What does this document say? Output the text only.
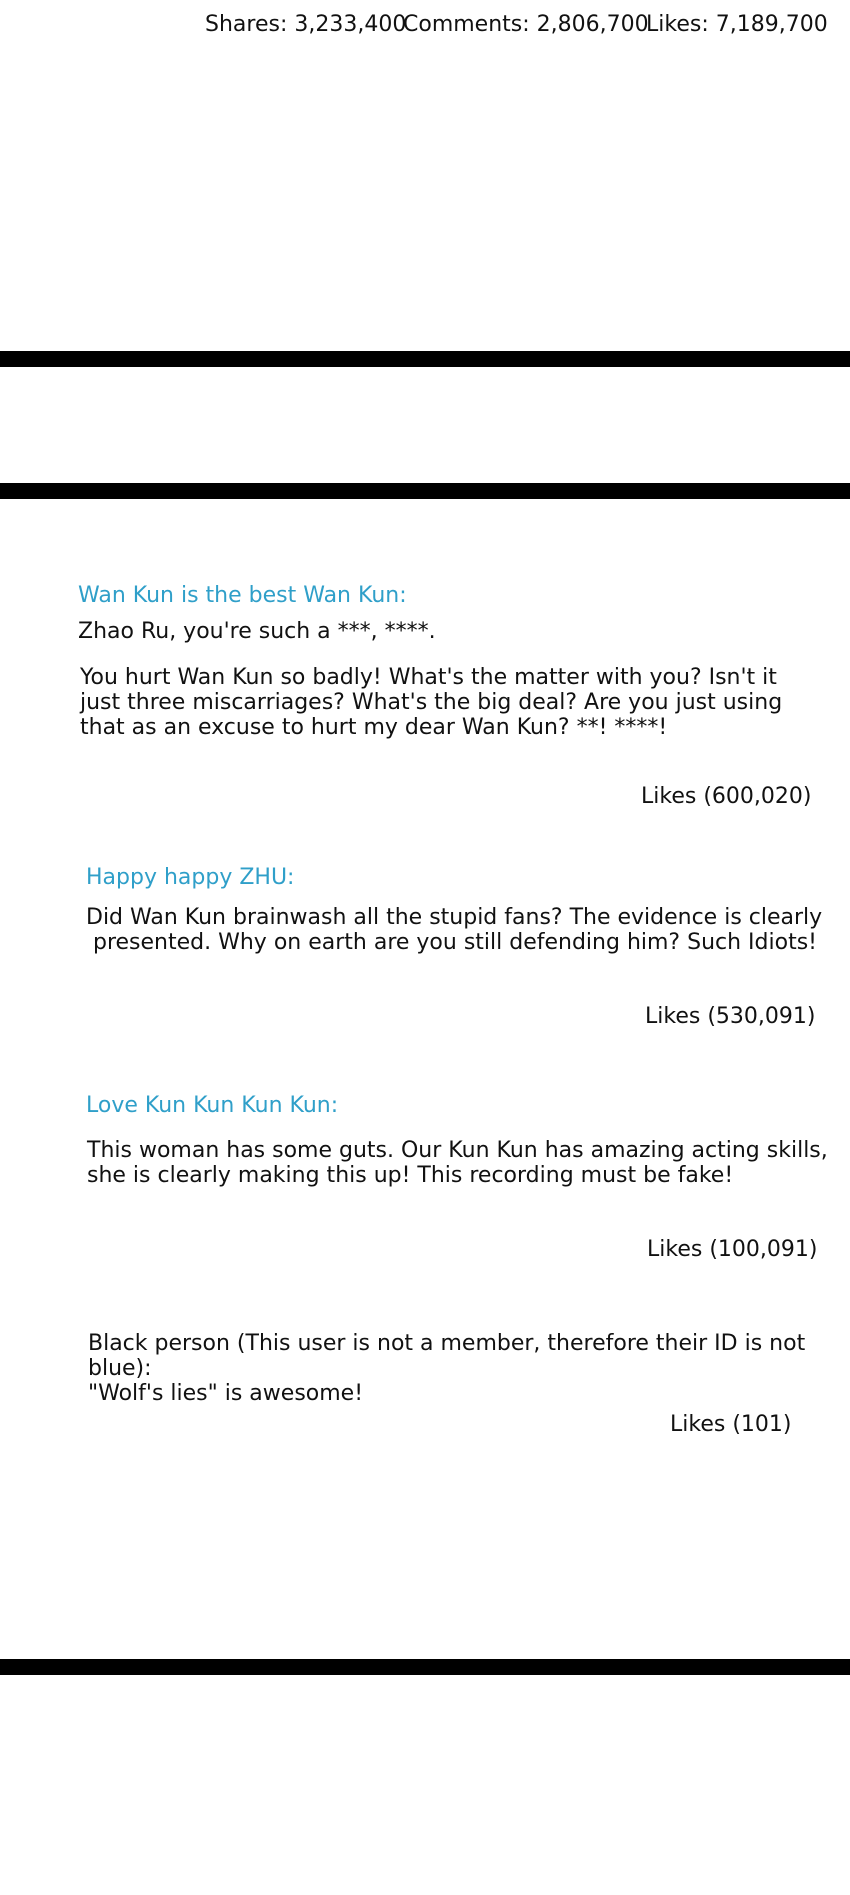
Shares: 3,233,400
Comments: 2,806,700
Likes: 7,189,700
Wan Kun is the best Wan Kun:
Zhao Ru, you're such a ***, ****.
You hurt Wan Kun so badly! What's the matter with you? Isn't it
just three miscarriages? What's the big deal? Are you just using
that as an excuse to hurt my dear Wan Kun? **! ****!
Likes (600,020)
Happy happy ZHU:
Did Wan Kun brainwash all the stupid fans? The evidence is clearly
presented. Why on earth are you still defending him? Such Idiots!
Likes (530,091)
Love Kun Kun Kun Kun:
This woman has some guts. Our Kun Kun has amazing acting skills,
she is clearly making this up! This recording must be fake!
Likes (100,091)
Black person (This user is not a member, therefore their ID is not blue):
"Wolf's lies" is awesome!
Likes (101)
